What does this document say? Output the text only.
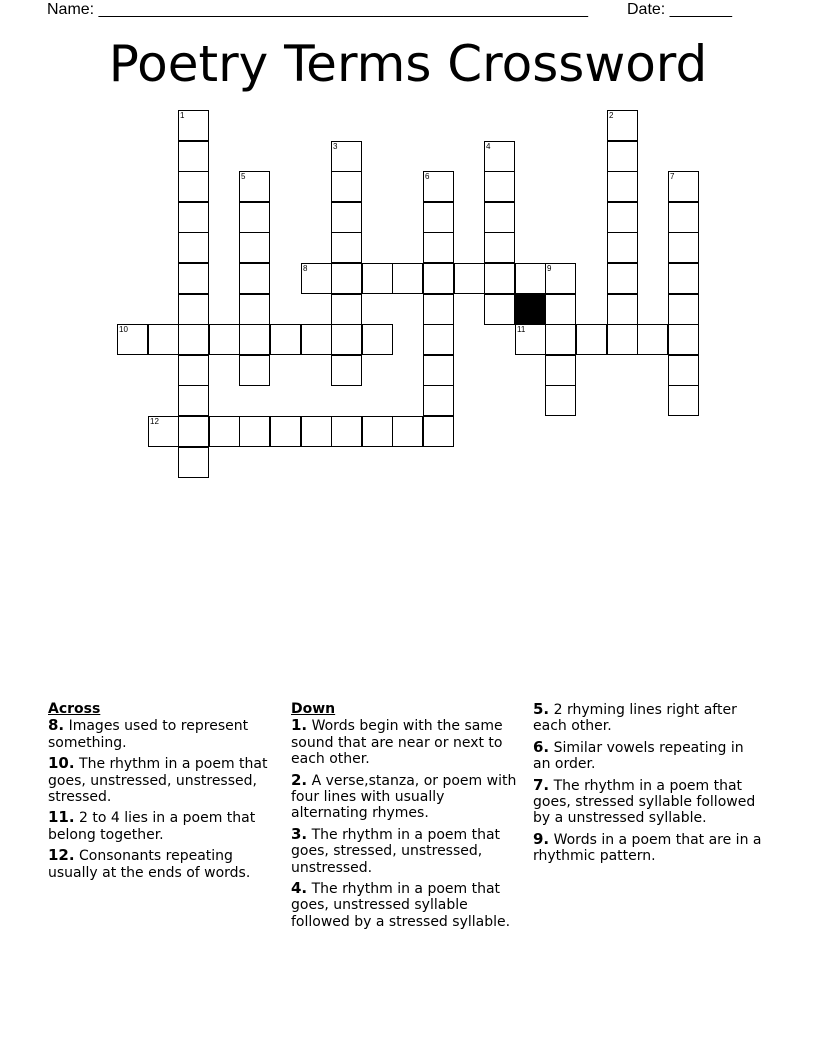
Name: _______________________________________________________ Date: _______
Poetry Terms Crossword
1	2
3	4
5	6	7
8	9
10	11
12
Across
8. Images used to represent something.
10. The rhythm in a poem that goes, unstressed, unstressed, stressed.
11. 2 to 4 lies in a poem that belong together.
12. Consonants repeating usually at the ends of words.
Down
1. Words begin with the same sound that are near or next to each other.
2. A verse,stanza, or poem with four lines with usually alternating rhymes.
3. The rhythm in a poem that goes, stressed, unstressed, unstressed.
4. The rhythm in a poem that goes, unstressed syllable followed by a stressed syllable.
5. 2 rhyming lines right after each other.
6. Similar vowels repeating in an order.
7. The rhythm in a poem that goes, stressed syllable followed by a unstressed syllable.
9. Words in a poem that are in a rhythmic pattern.
